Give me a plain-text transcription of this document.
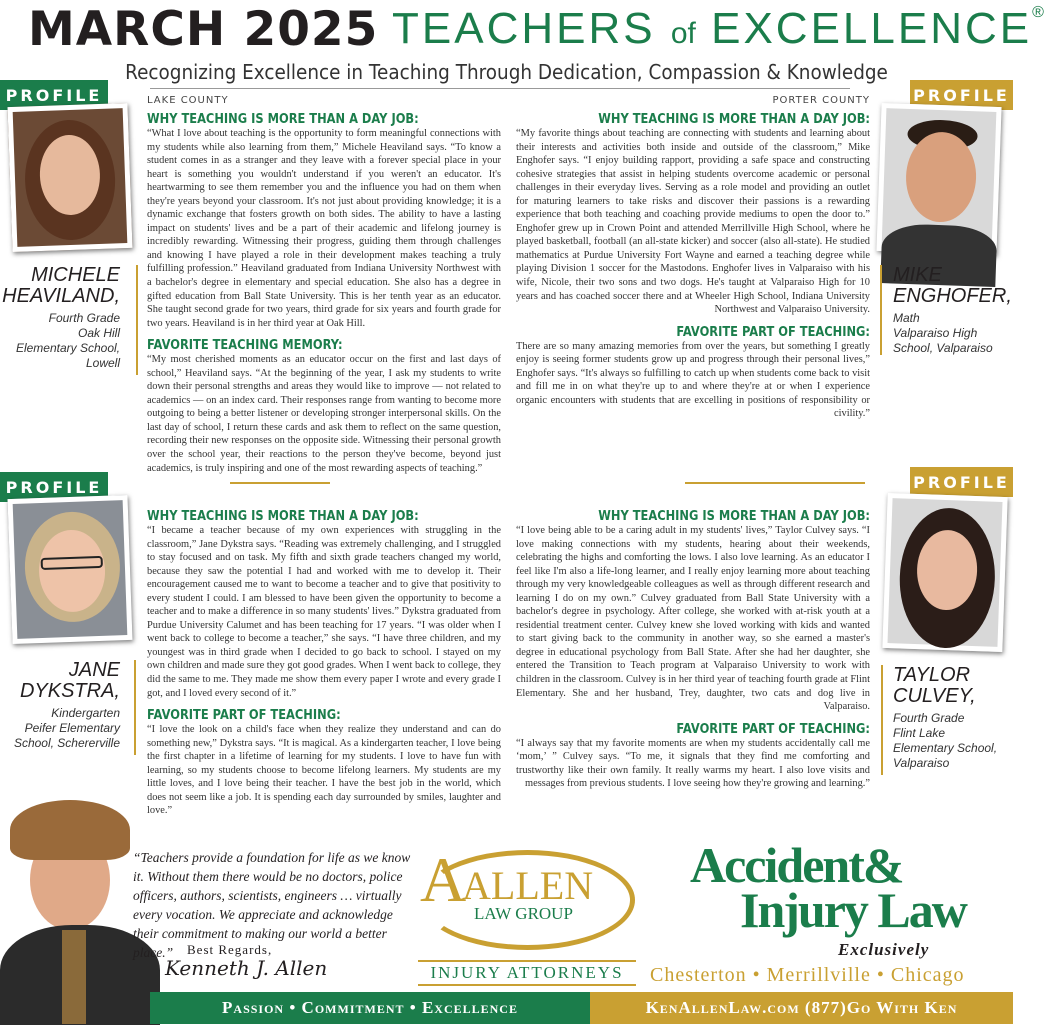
MARCH 2025 TEACHERS of EXCELLENCE®
Recognizing Excellence in Teaching Through Dedication, Compassion & Knowledge
PROFILE
MICHELE
HEAVILAND,
Fourth Grade
Oak Hill
Elementary School,
Lowell
LAKE COUNTY
WHY TEACHING IS MORE THAN A DAY JOB:

“What I love about teaching is the opportunity to form meaningful connections with my students while also learning from them,” Michele Heaviland says. “To know a student comes in as a stranger and they leave with a forever special place in your heart is something you wouldn't understand if you weren't an educator. It's heartwarming to see them remember you and the influence you had on them when they're years beyond your classroom. It's not just about providing knowledge; it is a dynamic exchange that fosters growth on both sides. The ability to have a lasting impact on students' lives and be a part of their academic and lifelong journey is incredibly rewarding. Witnessing their progress, guiding them through challenges and knowing I have played a role in their development makes teaching a truly fulfilling profession.” Heaviland graduated from Indiana University Northwest with a bachelor's degree in elementary and special education. She also has a degree in gifted education from Ball State University. This is her tenth year as an educator. She taught second grade for two years, third grade for six years and fourth grade for two years. Heaviland is in her third year at Oak Hill.

FAVORITE TEACHING MEMORY:

“My most cherished moments as an educator occur on the first and last days of school,” Heaviland says. “At the beginning of the year, I ask my students to write down their personal strengths and areas they would like to improve — not related to academics — on an index card. Their responses range from wanting to become more outgoing to being a better listener or developing stronger interpersonal skills. On the last day of school, I return these cards and ask them to reflect on the same question, recording their new responses on the opposite side. Witnessing their personal growth over the school year, their reactions to the person they've become, beyond just academics, is truly inspiring and one of the most rewarding aspects of teaching.”

PROFILE
MIKE
ENGHOFER,
Math
Valparaiso High
School, Valparaiso
PORTER COUNTY
WHY TEACHING IS MORE THAN A DAY JOB:

“My favorite things about teaching are connecting with students and learning about their interests and activities both inside and outside of the classroom,” Mike Enghofer says. “I enjoy building rapport, providing a safe space and constructing cohesive strategies that assist in helping students overcome academic or personal challenges in their everyday lives. Serving as a role model and providing an outlet for maturing learners to take risks and discover their passions is a rewarding experience that both teaching and coaching provide mediums to open the door to.” Enghofer grew up in Crown Point and attended Merrillville High School, where he played basketball, football (an all-state kicker) and soccer (also all-state). He studied mathematics at Purdue University Fort Wayne and earned a teaching degree while playing Division 1 soccer for the Mastodons. Enghofer lives in Valparaiso with his wife, Nicole, their two sons and two dogs. He's taught at Valparaiso High for 10 years and has coached soccer there and at Wheeler High School, Indiana University Northwest and Valparaiso University.

FAVORITE PART OF TEACHING:

There are so many amazing memories from over the years, but something I greatly enjoy is seeing former students grow up and progress through their personal lives,” Enghofer says. “It's always so fulfilling to catch up when students come back to visit and fill me in on what they're up to and where they're at or when I experience organic encounters with students that are excelling in positions of responsibility or civility.”

PROFILE
JANE
DYKSTRA,
Kindergarten
Peifer Elementary
School, Schererville
WHY TEACHING IS MORE THAN A DAY JOB:

“I became a teacher because of my own experiences with struggling in the classroom,” Jane Dykstra says. “Reading was extremely challenging, and I struggled to stay focused and on task. My fifth and sixth grade teachers changed my world, because they saw the potential I had and worked with me to develop it. Their encouragement caused me to want to become a teacher and to give that positivity to every student I could. I am blessed to have been given the opportunity to become a teacher and to make a difference in so many students' lives.” Dykstra graduated from Purdue University Calumet and has been teaching for 17 years. “I was older when I went back to college to become a teacher,” she says. “I have three children, and my youngest was in third grade when I decided to go back to school. I stayed on my own children and made sure they got good grades. When I went back to college, they did the same to me. They made me show them every paper I wrote and every grade I got, and I loved every second of it.”

FAVORITE PART OF TEACHING:

“I love the look on a child's face when they realize they understand and can do something new,” Dykstra says. “It is magical. As a kindergarten teacher, I love being the first chapter in a lifetime of learning for my students. I love to have fun with learning, so my students choose to become lifelong learners. My students are my little loves, and I love being their teacher. I have the best job in the world, which does not seem like a job. It is spending each day surrounded by smiles, laughter and love.”

PROFILE
TAYLOR
CULVEY,
Fourth Grade
Flint Lake
Elementary School,
Valparaiso
WHY TEACHING IS MORE THAN A DAY JOB:

“I love being able to be a caring adult in my students' lives,” Taylor Culvey says. “I love making connections with my students, hearing about their weekends, celebrating the highs and comforting the lows. I also love learning. As an educator I feel like I'm also a life-long learner, and I really enjoy learning more about teaching through my very knowledgeable colleagues as well as through different research and learning I do on my own.” Culvey graduated from Ball State University with a bachelor's degree in psychology. After college, she worked with at-risk youth at a residential treatment center. Culvey knew she loved working with kids and wanted to start giving back to the community in another way, so she earned a master's degree in educational psychology from Ball State. After she had her daughter, she entered the Transition to Teach program at Valparaiso University to work with children in the classroom. Culvey is in her third year of teaching fourth grade at Flint Elementary. She and her husband, Trey, daughter, two cats and dog live in Valparaiso.

FAVORITE PART OF TEACHING:

“I always say that my favorite moments are when my students accidentally call me ‘mom,’ ” Culvey says. “To me, it signals that they find me comforting and trustworthy like their own family. It really warms my heart. I also love visits and messages from previous students. I love seeing how they're growing and learning.”

“Teachers provide a foundation for life as we know it. Without them there would be no doctors, police officers, authors, scientists, engineers … virtually every vocation. We appreciate and acknowledge their commitment to making our world a better place.”	Best Regards,
Kenneth J. Allen
A
ALLEN
LAW GROUP
INJURY ATTORNEYS
Accident&
Injury Law
Exclusively
Chesterton • Merrillville • Chicago
Passion • Commitment • Excellence	KenAllenLaw.com (877)Go With Ken
